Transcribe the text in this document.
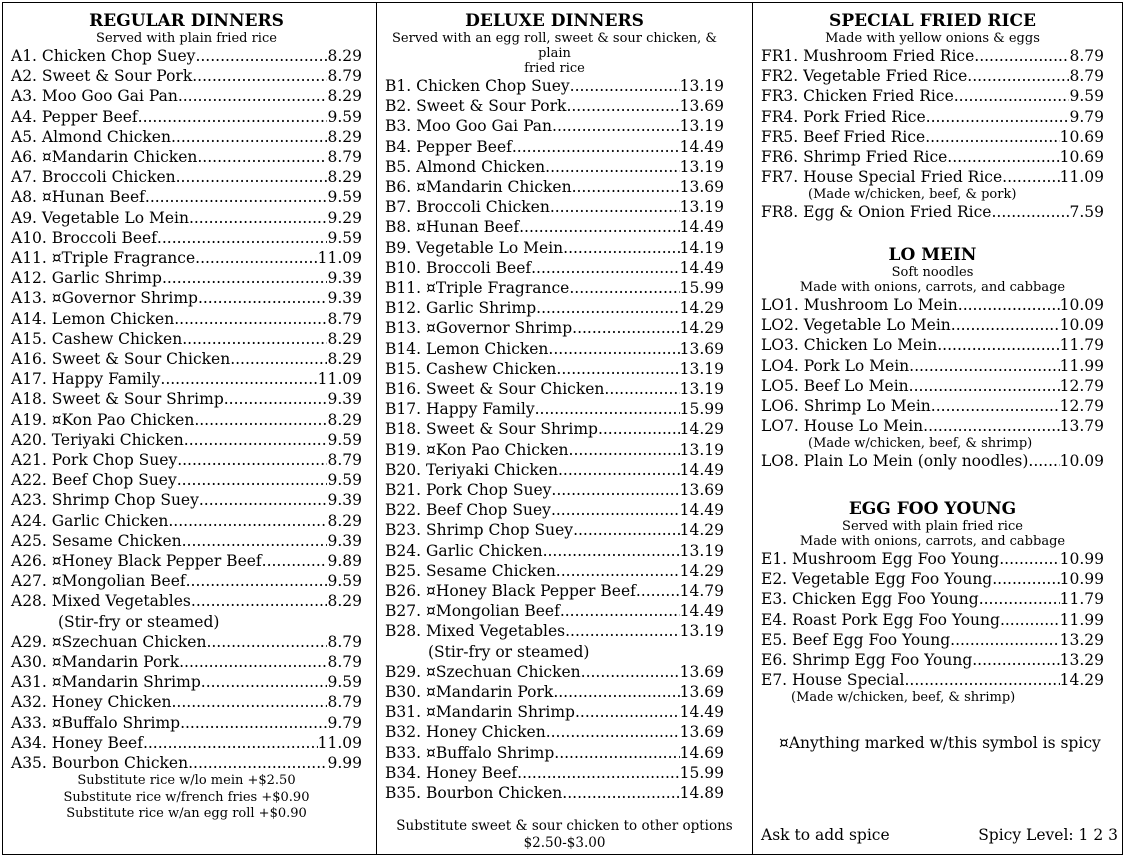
REGULAR DINNERS
Served with plain fried rice
A1. Chicken Chop Suey .....	8.29
A2. Sweet & Sour Pork .....	8.79
A3. Moo Goo Gai Pan .....	8.29
A4. Pepper Beef .....	9.59
A5. Almond Chicken .....	8.29
A6. ¤Mandarin Chicken .....	8.79
A7. Broccoli Chicken .....	8.29
A8. ¤Hunan Beef .....	9.59
A9. Vegetable Lo Mein .....	9.29
A10. Broccoli Beef .....	9.59
A11. ¤Triple Fragrance .....	11.09
A12. Garlic Shrimp .....	9.39
A13. ¤Governor Shrimp .....	9.39
A14. Lemon Chicken .....	8.79
A15. Cashew Chicken .....	8.29
A16. Sweet & Sour Chicken .....	8.29
A17. Happy Family .....	11.09
A18. Sweet & Sour Shrimp .....	9.39
A19. ¤Kon Pao Chicken .....	8.29
A20. Teriyaki Chicken .....	9.59
A21. Pork Chop Suey .....	8.79
A22. Beef Chop Suey .....	9.59
A23. Shrimp Chop Suey .....	9.39
A24. Garlic Chicken .....	8.29
A25. Sesame Chicken .....	9.39
A26. ¤Honey Black Pepper Beef .....	9.89
A27. ¤Mongolian Beef .....	9.59
A28. Mixed Vegetables .....	8.29
(Stir-fry or steamed)
A29. ¤Szechuan Chicken .....	8.79
A30. ¤Mandarin Pork .....	8.79
A31. ¤Mandarin Shrimp .....	9.59
A32. Honey Chicken .....	8.79
A33. ¤Buffalo Shrimp .....	9.79
A34. Honey Beef .....	11.09
A35. Bourbon Chicken .....	9.99
Substitute rice w/lo mein +$2.50
Substitute rice w/french fries +$0.90
Substitute rice w/an egg roll +$0.90
DELUXE DINNERS
Served with an egg roll, sweet & sour chicken, & plain
fried rice
B1. Chicken Chop Suey .....	13.19
B2. Sweet & Sour Pork .....	13.69
B3. Moo Goo Gai Pan .....	13.19
B4. Pepper Beef .....	14.49
B5. Almond Chicken .....	13.19
B6. ¤Mandarin Chicken .....	13.69
B7. Broccoli Chicken .....	13.19
B8. ¤Hunan Beef .....	14.49
B9. Vegetable Lo Mein .....	14.19
B10. Broccoli Beef .....	14.49
B11. ¤Triple Fragrance .....	15.99
B12. Garlic Shrimp .....	14.29
B13. ¤Governor Shrimp .....	14.29
B14. Lemon Chicken .....	13.69
B15. Cashew Chicken .....	13.19
B16. Sweet & Sour Chicken .....	13.19
B17. Happy Family .....	15.99
B18. Sweet & Sour Shrimp .....	14.29
B19. ¤Kon Pao Chicken .....	13.19
B20. Teriyaki Chicken .....	14.49
B21. Pork Chop Suey .....	13.69
B22. Beef Chop Suey .....	14.49
B23. Shrimp Chop Suey .....	14.29
B24. Garlic Chicken .....	13.19
B25. Sesame Chicken .....	14.29
B26. ¤Honey Black Pepper Beef .....	14.79
B27. ¤Mongolian Beef .....	14.49
B28. Mixed Vegetables .....	13.19
(Stir-fry or steamed)
B29. ¤Szechuan Chicken .....	13.69
B30. ¤Mandarin Pork .....	13.69
B31. ¤Mandarin Shrimp .....	14.49
B32. Honey Chicken .....	13.69
B33. ¤Buffalo Shrimp .....	14.69
B34. Honey Beef .....	15.99
B35. Bourbon Chicken .....	14.89
Substitute sweet & sour chicken to other options
$2.50-$3.00
SPECIAL FRIED RICE
Made with yellow onions & eggs
FR1. Mushroom Fried Rice .....	8.79
FR2. Vegetable Fried Rice .....	8.79
FR3. Chicken Fried Rice .....	9.59
FR4. Pork Fried Rice .....	9.79
FR5. Beef Fried Rice .....	10.69
FR6. Shrimp Fried Rice .....	10.69
FR7. House Special Fried Rice .....	11.09
(Made w/chicken, beef, & pork)
FR8. Egg & Onion Fried Rice .....	7.59
LO MEIN
Soft noodles
Made with onions, carrots, and cabbage
LO1. Mushroom Lo Mein .....	10.09
LO2. Vegetable Lo Mein .....	10.09
LO3. Chicken Lo Mein .....	11.79
LO4. Pork Lo Mein .....	11.99
LO5. Beef Lo Mein .....	12.79
LO6. Shrimp Lo Mein .....	12.79
LO7. House Lo Mein .....	13.79
(Made w/chicken, beef, & shrimp)
LO8. Plain Lo Mein (only noodles) ..... 10.09
EGG FOO YOUNG
Served with plain fried rice
Made with onions, carrots, and cabbage
E1. Mushroom Egg Foo Young .....	10.99
E2. Vegetable Egg Foo Young .....	10.99
E3. Chicken Egg Foo Young .....	11.79
E4. Roast Pork Egg Foo Young .....	11.99
E5. Beef Egg Foo Young .....	13.29
E6. Shrimp Egg Foo Young .....	13.29
E7. House Special .....	14.29
(Made w/chicken, beef, & shrimp)
¤Anything marked w/this symbol is spicy
Ask to add spice	Spicy Level: 1 2 3
